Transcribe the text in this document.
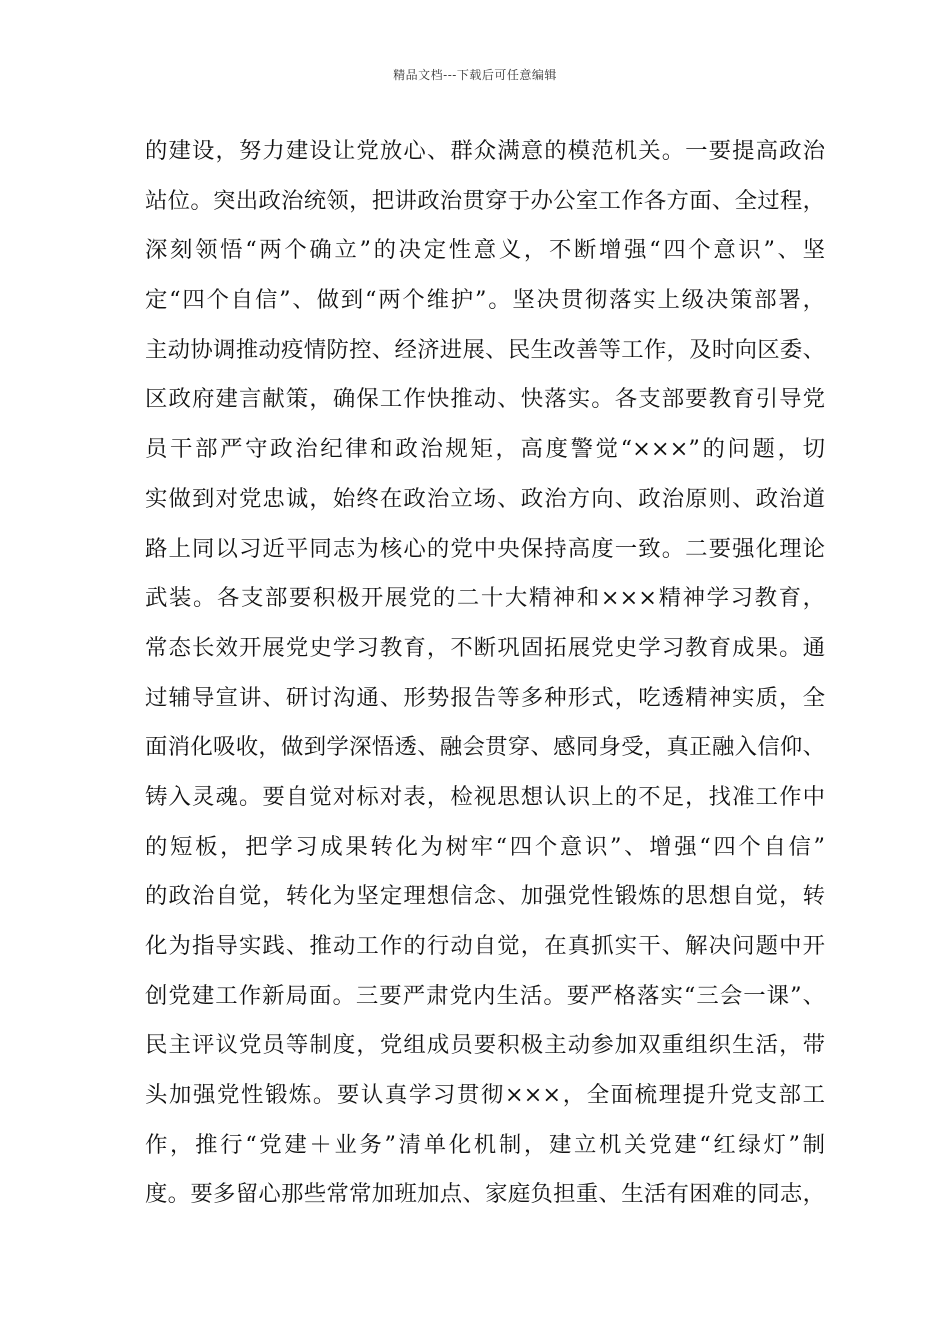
精品文档---下载后可任意编辑
的建设，努力建设让党放心、群众满意的模范机关。一要提高政治
站位。突出政治统领，把讲政治贯穿于办公室工作各方面、全过程，
深刻领悟“两个确立”的决定性意义，不断增强“四个意识”、坚
定“四个自信”、做到“两个维护”。坚决贯彻落实上级决策部署，
主动协调推动疫情防控、经济进展、民生改善等工作，及时向区委、
区政府建言献策，确保工作快推动、快落实。各支部要教育引导党
员干部严守政治纪律和政治规矩，高度警觉“×××”的问题，切
实做到对党忠诚，始终在政治立场、政治方向、政治原则、政治道
路上同以习近平同志为核心的党中央保持高度一致。二要强化理论
武装。各支部要积极开展党的二十大精神和×××精神学习教育，
常态长效开展党史学习教育，不断巩固拓展党史学习教育成果。通
过辅导宣讲、研讨沟通、形势报告等多种形式，吃透精神实质，全
面消化吸收，做到学深悟透、融会贯穿、感同身受，真正融入信仰、
铸入灵魂。要自觉对标对表，检视思想认识上的不足，找准工作中
的短板，把学习成果转化为树牢“四个意识”、增强“四个自信”
的政治自觉，转化为坚定理想信念、加强党性锻炼的思想自觉，转
化为指导实践、推动工作的行动自觉，在真抓实干、解决问题中开
创党建工作新局面。三要严肃党内生活。要严格落实“三会一课”、
民主评议党员等制度，党组成员要积极主动参加双重组织生活，带
头加强党性锻炼。要认真学习贯彻×××，全面梳理提升党支部工
作，推行“党建＋业务”清单化机制，建立机关党建“红绿灯”制
度。要多留心那些常常加班加点、家庭负担重、生活有困难的同志，
